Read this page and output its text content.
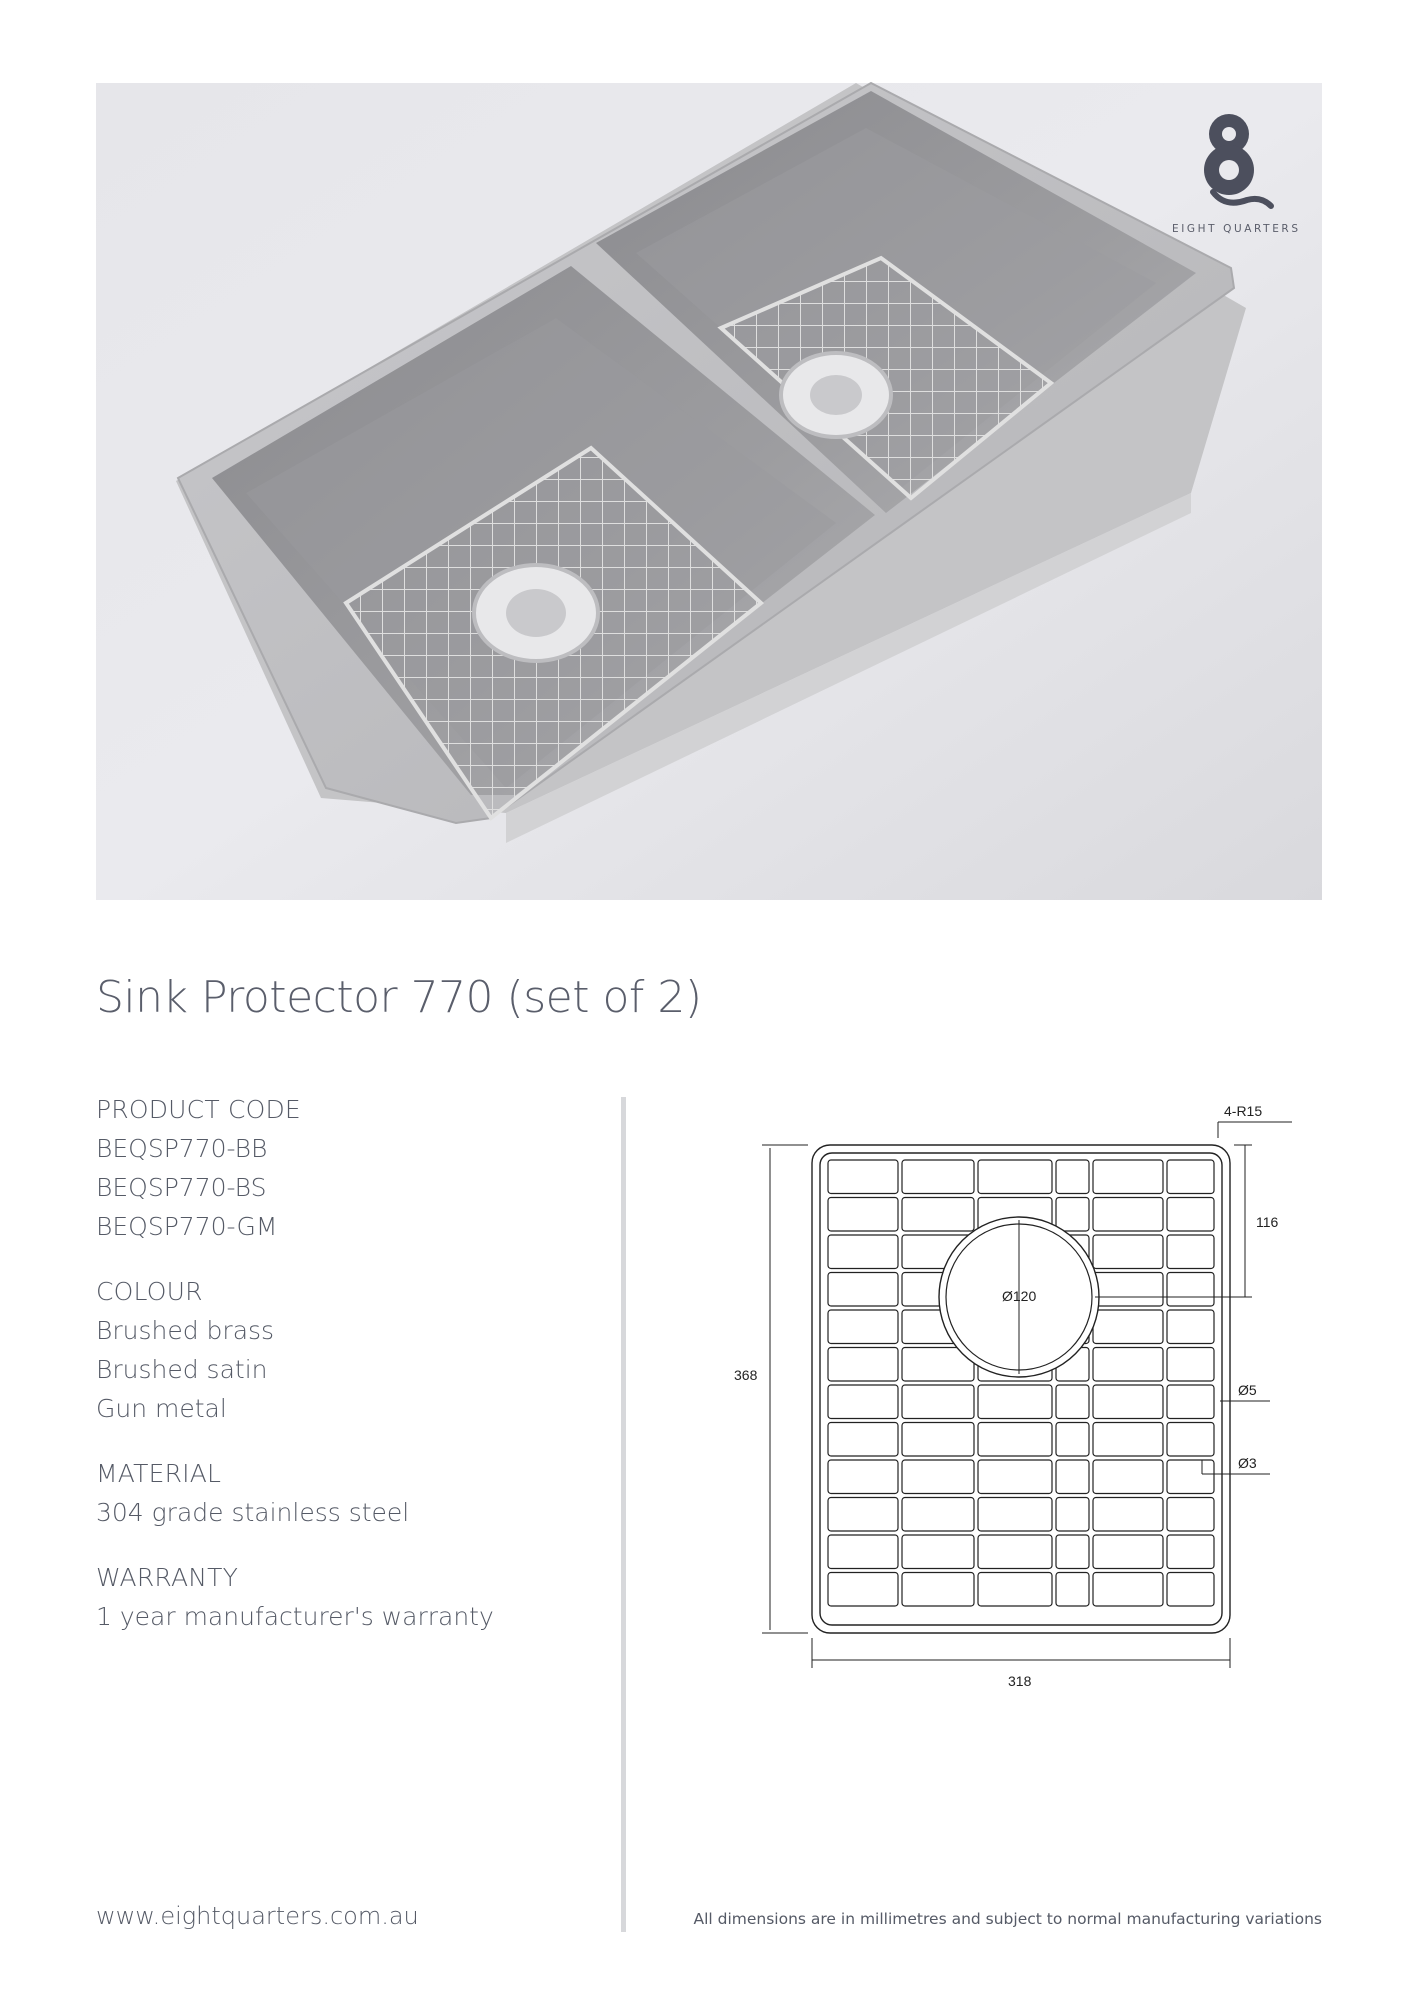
EIGHT QUARTERS
Sink Protector 770 (set of 2)
PRODUCT CODE
BEQSP770-BB
BEQSP770-BS
BEQSP770-GM
COLOUR
Brushed brass
Brushed satin
Gun metal
MATERIAL
304 grade stainless steel
WARRANTY
1 year manufacturer's warranty
4-R15
116
Ø120
368
Ø5
Ø3
318
www.eightquarters.com.au	All dimensions are in millimetres and subject to normal manufacturing variations
